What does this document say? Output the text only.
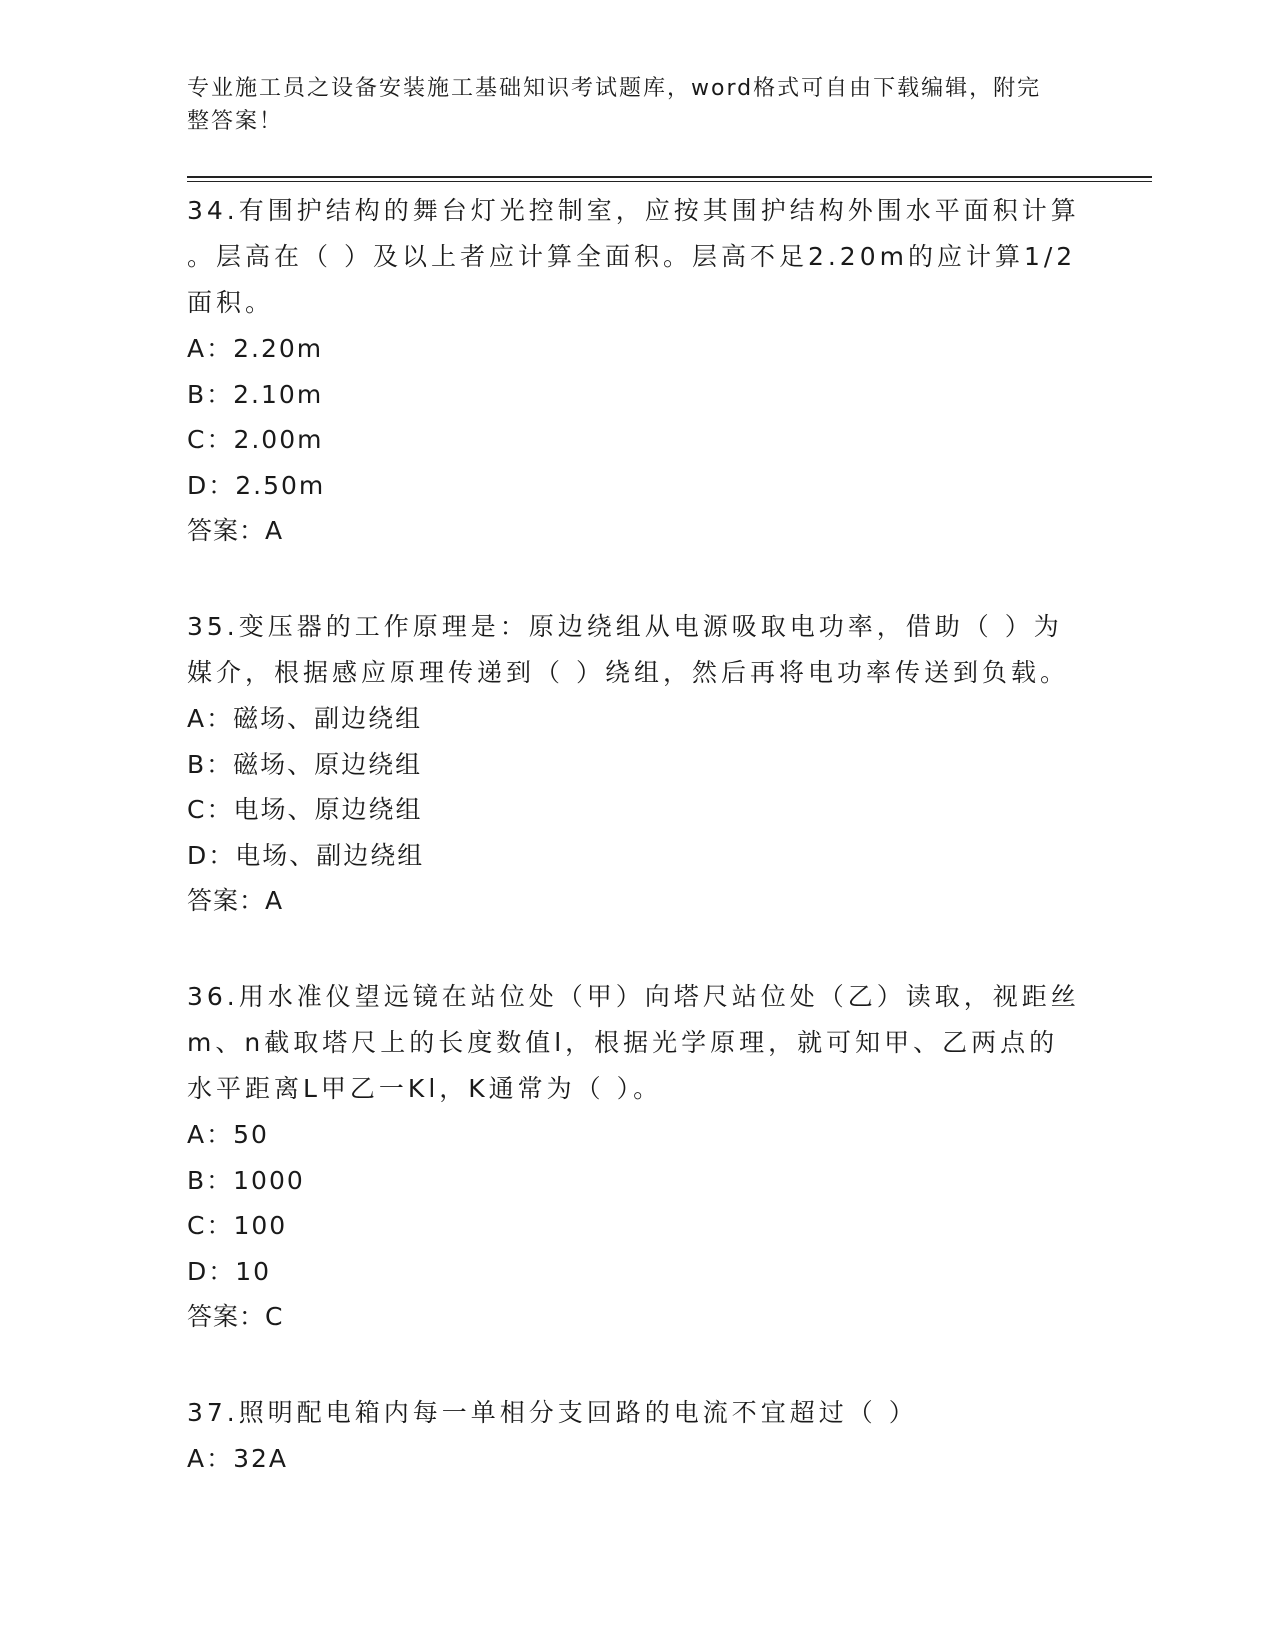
专业施工员之设备安装施工基础知识考试题库，word格式可自由下载编辑，附完
整答案！

34.有围护结构的舞台灯光控制室，应按其围护结构外围水平面积计算

。层高在（ ）及以上者应计算全面积。层高不足2.20m的应计算1/2

面积。

A：2.20m

B：2.10m

C：2.00m

D：2.50m

答案：A

35.变压器的工作原理是：原边绕组从电源吸取电功率，借助（ ）为

媒介，根据感应原理传递到（ ）绕组，然后再将电功率传送到负载。

A：磁场、副边绕组

B：磁场、原边绕组

C：电场、原边绕组

D：电场、副边绕组

答案：A

36.用水准仪望远镜在站位处（甲）向塔尺站位处（乙）读取，视距丝

m、n截取塔尺上的长度数值l，根据光学原理，就可知甲、乙两点的

水平距离L甲乙一Kl，K通常为（ ）。

A：50

B：1000

C：100

D：10

答案：C

37.照明配电箱内每一单相分支回路的电流不宜超过（ ）

A：32A
